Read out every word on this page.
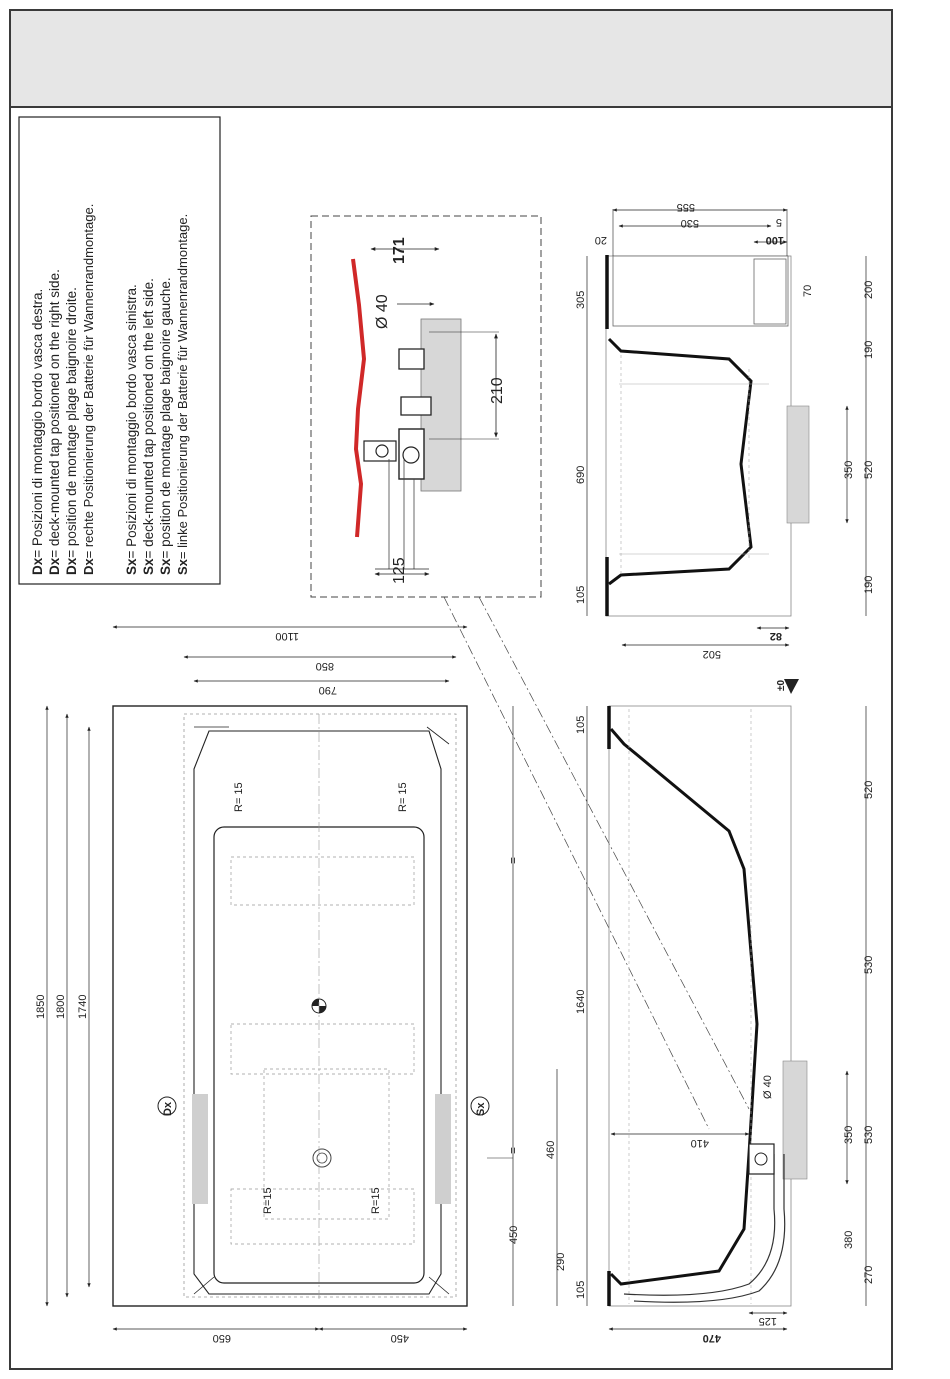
Dx= Posizioni di montaggio bordo vasca destra.
Dx= deck-mounted tap positioned on the right side.
Dx= position de montage plage baignoire droite.
Dx= rechte Positionierung der Batterie für Wannenrandmontage.
Sx= Posizioni di montaggio bordo vasca sinistra.
Sx= deck-mounted tap positioned on the left side.
Sx= position de montage plage baignoire gauche.
Sx= linke Positionierung der Batterie für Wannenrandmontage.	171
Ø 40
210
125
555
530
20
5
100
305
690
105
200
190
520
190
350
70
502
82
Dx	Sx
R= 15	R= 15
R=15	R=15
1850 1800 1740
1100
850
790
650	450
450
=
=
1640
105
460
290
105
410
520
530
530
270
350
380
Ø 40
470
125
±0
